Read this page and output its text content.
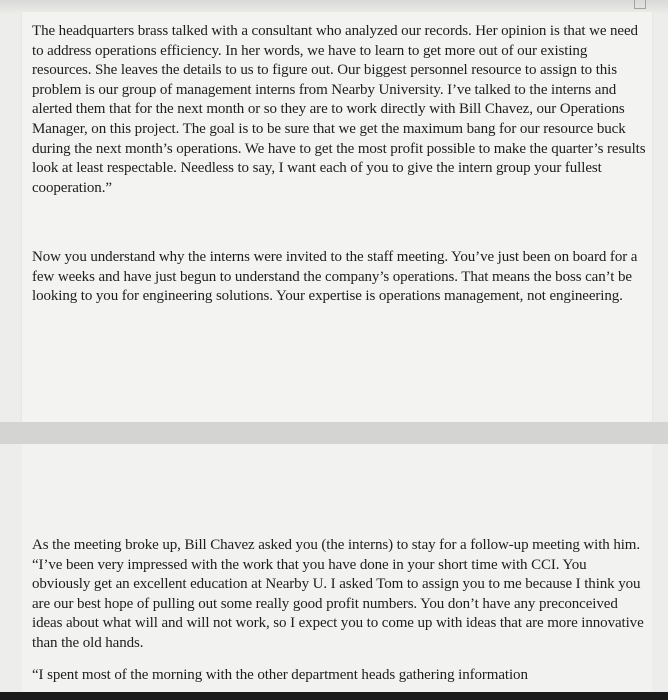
The headquarters brass talked with a consultant who analyzed our records. Her opinion is that we need to address operations efficiency. In her words, we have to learn to get more out of our existing resources. She leaves the details to us to figure out. Our biggest personnel resource to assign to this problem is our group of management interns from Nearby University. I’ve talked to the interns and alerted them that for the next month or so they are to work directly with Bill Chavez, our Operations Manager, on this project. The goal is to be sure that we get the maximum bang for our resource buck during the next month’s operations. We have to get the most profit possible to make the quarter’s results look at least respectable. Needless to say, I want each of you to give the intern group your fullest cooperation.”

Now you understand why the interns were invited to the staff meeting. You’ve just been on board for a few weeks and have just begun to understand the company’s operations. That means the boss can’t be looking to you for engineering solutions. Your expertise is operations management, not engineering.

As the meeting broke up, Bill Chavez asked you (the interns) to stay for a follow-up meeting with him. “I’ve been very impressed with the work that you have done in your short time with CCI. You obviously get an excellent education at Nearby U. I asked Tom to assign you to me because I think you are our best hope of pulling out some really good profit numbers. You don’t have any preconceived ideas about what will and will not work, so I expect you to come up with ideas that are more innovative than the old hands.

“I spent most of the morning with the other department heads gathering information
